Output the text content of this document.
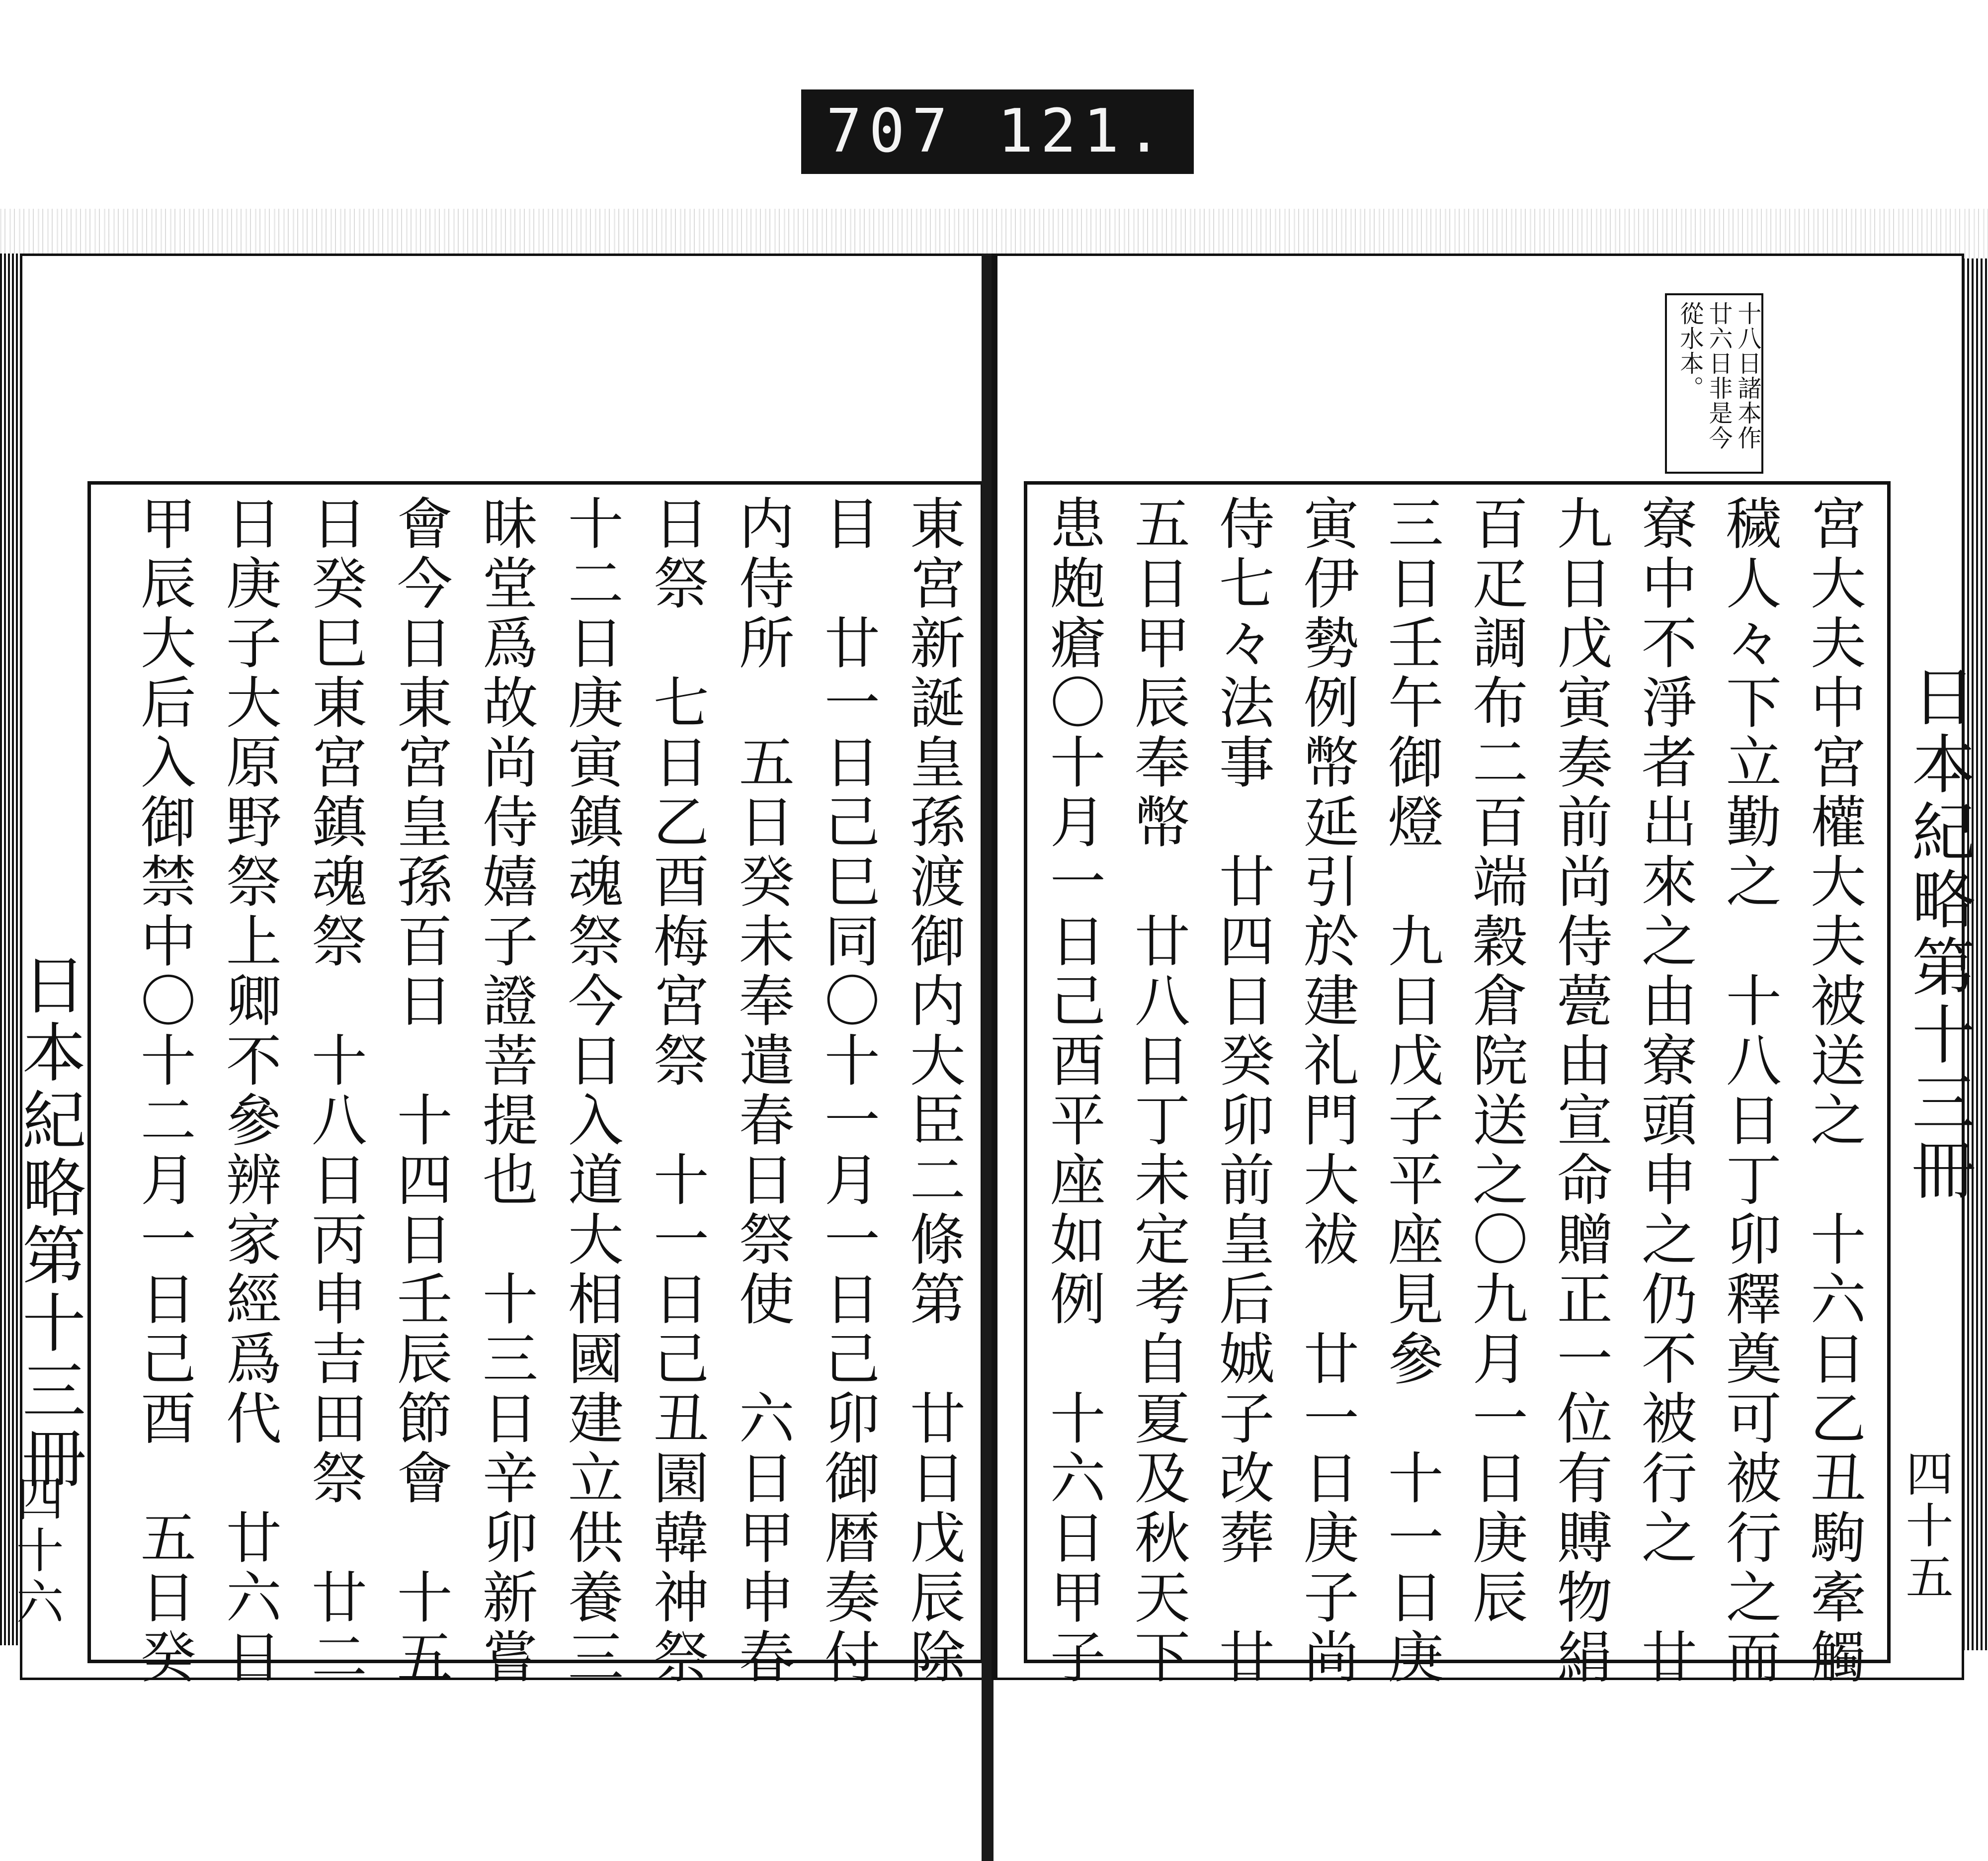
707 121.
日本紀略第十三冊
四十六	東宮新誕皇孫渡御内大臣二條第　廿日戊辰除
目　廿一日己巳同〇十一月一日己卯御暦奏付
内侍所　五日癸未奉遣春日祭使　六日甲申春
日祭　七日乙酉梅宮祭　十一日己丑園韓神祭
十二日庚寅鎮魂祭今日入道大相國建立供養三
昧堂爲故尚侍嬉子證菩提也　十三日辛卯新嘗
會今日東宮皇孫百日　十四日壬辰節會　十五
日癸巳東宮鎮魂祭　十八日丙申吉田祭　廿二
日庚子大原野祭上卿不參辨家經爲代　廿六日
甲辰大后入御禁中〇十二月一日己酉　五日癸	日本紀略第十三冊
四十五
十八日諸本作
廿六日非是今
從水本。
宮大夫中宮權大夫被送之　十六日乙丑駒牽觸
穢人々下立勤之　十八日丁卯釋奠可被行之而
寮中不淨者出來之由寮頭申之仍不被行之　廿
九日戊寅奏前尚侍甍由宣命贈正一位有賻物絹
百疋調布二百端穀倉院送之〇九月一日庚辰
三日壬午御燈　九日戊子平座見參　十一日庚
寅伊勢例幣延引於建礼門大祓　廿一日庚子尚
侍七々法事　廿四日癸卯前皇后娍子改葬　廿
五日甲辰奉幣　廿八日丁未定考自夏及秋天下
患皰瘡〇十月一日己酉平座如例　十六日甲子
